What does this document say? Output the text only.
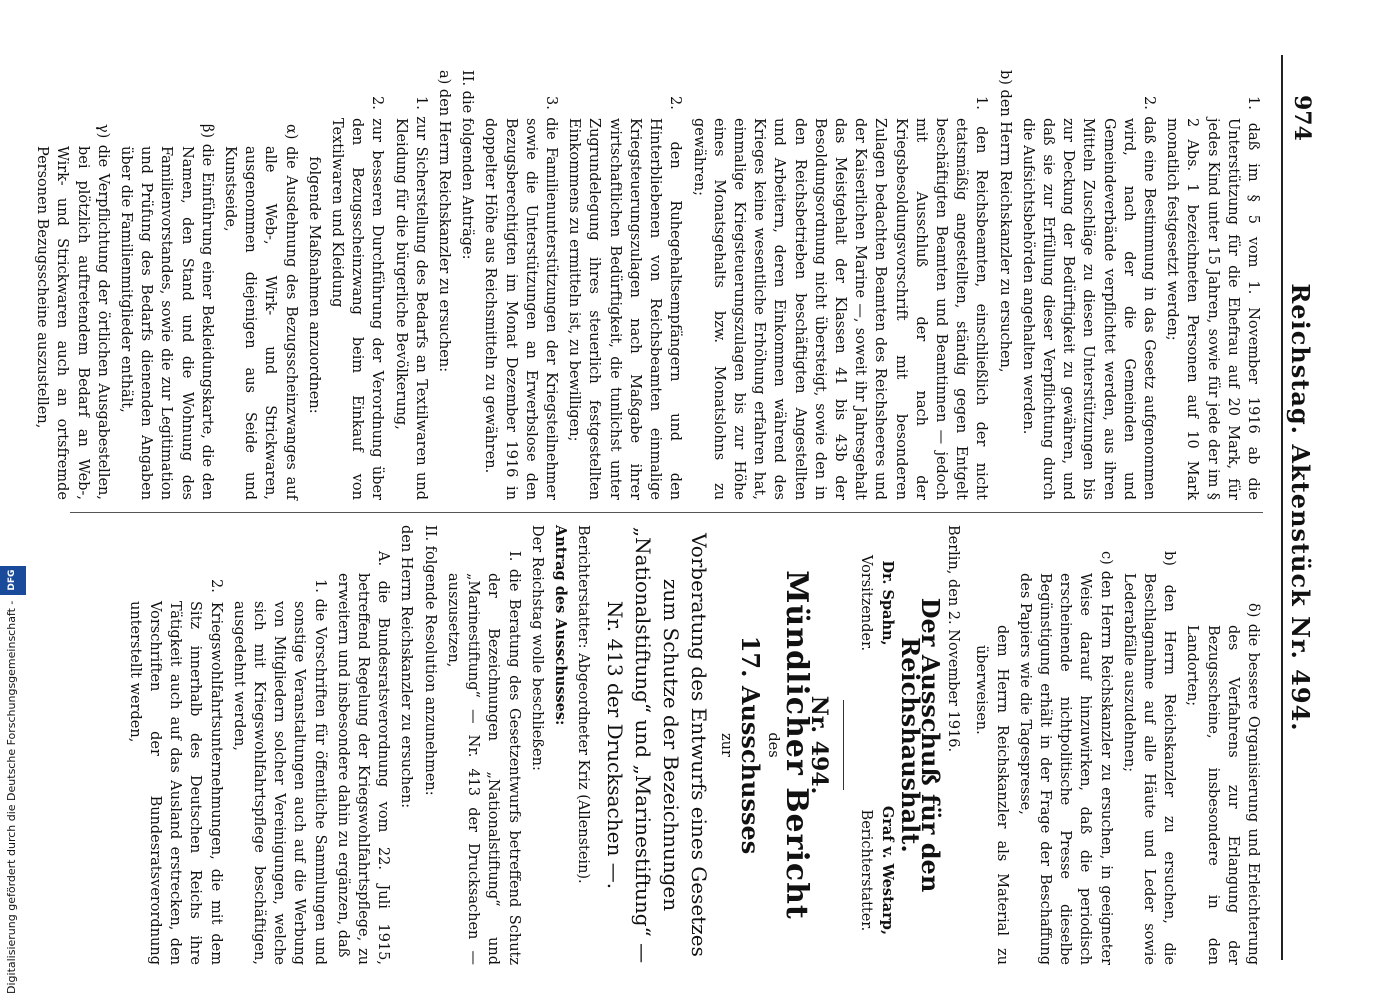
974
Reichstag. Aktenstück Nr. 494.

1. daß im § 5 vom 1. November 1916 ab die Unterstützung für die Ehefrau auf 20 Mark, für jedes Kind unter 15 Jahren, sowie für jede der im § 2 Abs. 1 bezeichneten Personen auf 10 Mark monatlich festgesetzt werden;

2. daß eine Bestimmung in das Gesetz aufgenommen wird, nach der die Gemeinden und Gemeindeverbände verpflichtet werden, aus ihren Mitteln Zuschläge zu diesen Unterstützungen bis zur Deckung der Bedürftigkeit zu gewähren, und daß sie zur Erfüllung dieser Verpflichtung durch die Aufsichtsbehörden angehalten werden.

b) den Herrn Reichskanzler zu ersuchen,

1. den Reichsbeamten, einschließlich der nicht etatsmäßig angestellten, ständig gegen Entgelt beschäftigten Beamten und Beamtinnen — jedoch mit Ausschluß der nach der Kriegsbesoldungsvorschrift mit besonderen Zulagen bedachten Beamten des Reichsheeres und der Kaiserlichen Marine —, soweit ihr Jahresgehalt das Meistgehalt der Klassen 41 bis 43b der Besoldungsordnung nicht übersteigt, sowie den in den Reichsbetrieben beschäftigten Angestellten und Arbeitern, deren Einkommen während des Krieges keine wesentliche Erhöhung erfahren hat, einmalige Kriegsteuerungszulagen bis zur Höhe eines Monatsgehalts bzw. Monatslohns zu gewähren;

2. den Ruhegehaltsempfängern und den Hinterbliebenen von Reichsbeamten einmalige Kriegsteuerungszulagen nach Maßgabe ihrer wirtschaftlichen Bedürftigkeit, die tunlichst unter Zugrundelegung ihres steuerlich festgestellten Einkommens zu ermitteln ist, zu bewilligen;

3. die Familienunterstützungen der Kriegsteilnehmer sowie die Unterstützungen an Erwerbslose den Bezugsberechtigten im Monat Dezember 1916 in doppelter Höhe aus Reichsmitteln zu gewähren.

II. die folgenden Anträge:

a) den Herrn Reichskanzler zu ersuchen:

1. zur Sicherstellung des Bedarfs an Textilwaren und Kleidung für die bürgerliche Bevölkerung,

2. zur besseren Durchführung der Verordnung über den Bezugsscheinzwang beim Einkauf von Textilwaren und Kleidung

folgende Maßnahmen anzuordnen:

α) die Ausdehnung des Bezugsscheinzwanges auf alle Web-, Wirk- und Strickwaren, ausgenommen diejenigen aus Seide und Kunstseide,

β) die Einführung einer Bekleidungskarte, die den Namen, den Stand und die Wohnung des Familienvorstandes, sowie die zur Legitimation und Prüfung des Bedarfs dienenden Angaben über die Familienmitglieder enthält,

γ) die Verpflichtung der örtlichen Ausgabestellen, bei plötzlich auftretendem Bedarf an Web-, Wirk- und Strickwaren auch an ortsfremde Personen Bezugsscheine auszustellen,

δ) die bessere Organisierung und Erleichterung des Verfahrens zur Erlangung der Bezugsscheine, insbesondere in den Landorten;

b) den Herrn Reichskanzler zu ersuchen, die Beschlagnahme auf alle Häute und Leder sowie Lederabfälle auszudehnen;

c) den Herrn Reichskanzler zu ersuchen, in geeigneter Weise darauf hinzuwirken, daß die periodisch erscheinende nichtpolitische Presse dieselbe Begünstigung erhält in der Frage der Beschaffung des Papiers wie die Tagespresse,

dem Herrn Reichskanzler als Material zu überweisen.

Berlin, den 2. November 1916.

Der Ausschuß für den Reichshaushalt.

Dr. Spahn,
Vorsitzender.
Graf v. Westarp,
Berichterstatter.

Nr. 494.

Mündlicher Bericht

des

17. Ausschusses

zur

Vorberatung des Entwurfs eines Gesetzes zum Schutze der Bezeichnungen „Nationalstiftung“ und „Marinestiftung“ — Nr. 413 der Drucksachen —.

Berichterstatter: Abgeordneter Kriz (Allenstein).

Antrag des Ausschusses:

Der Reichstag wolle beschließen:

I. die Beratung des Gesetzentwurfs betreffend Schutz der Bezeichnungen „Nationalstiftung“ und „Marinestiftung“ — Nr. 413 der Drucksachen — auszusetzen,

II. folgende Resolution anzunehmen:

den Herrn Reichskanzler zu ersuchen:

A. die Bundesratsverordnung vom 22. Juli 1915, betreffend Regelung der Kriegswohlfahrtspflege, zu erweitern und insbesondere dahin zu ergänzen, daß

1. die Vorschriften für öffentliche Sammlungen und sonstige Veranstaltungen auch auf die Werbung von Mitgliedern solcher Vereinigungen, welche sich mit Kriegswohlfahrtspflege beschäftigen, ausgedehnt werden,

2. Kriegswohlfahrtsunternehmungen, die mit dem Sitz innerhalb des Deutschen Reichs ihre Tätigkeit auch auf das Ausland erstrecken, den Vorschriften der Bundesratsverordnung unterstellt werden,

Digitalisierung gefördert durch die Deutsche Forschungsgemeinschaft -
DFG
